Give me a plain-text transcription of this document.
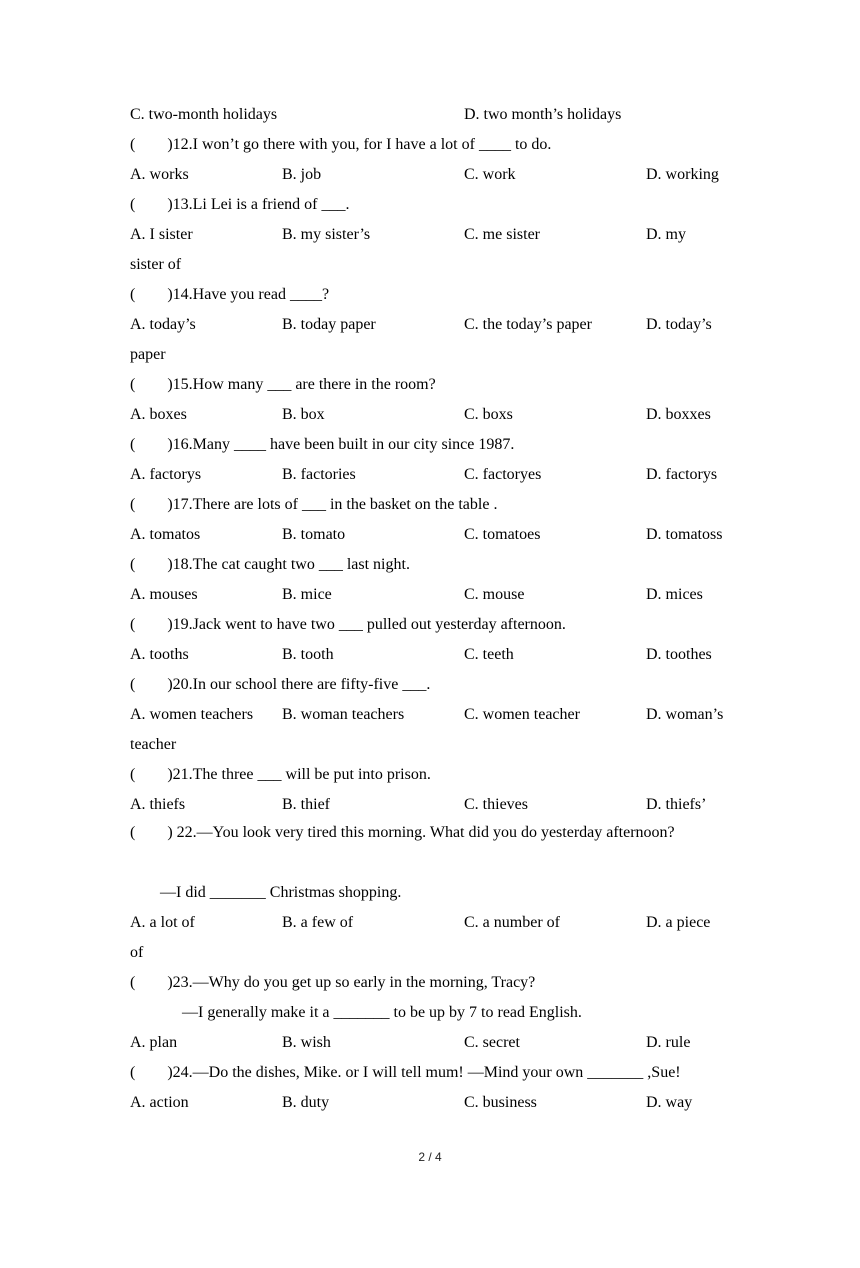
C. two-month holidays

	D. two month’s holidays

(  )12.I won’t go there with you, for I have a lot of ____ to do.

A. works

	B. job

	C. work

	D. working

(  )13.Li Lei is a friend of ___.

A. I sister

	B. my sister’s

	C. me sister

	D. my

sister of
(  )14.Have you read ____?

A. today’s

	B. today paper

	C. the today’s paper

	D. today’s

paper
(  )15.How many ___ are there in the room?

A. boxes

	B. box

	C. boxs

	D. boxxes

(  )16.Many ____ have been built in our city since 1987.

A. factorys

	B. factories

	C. factoryes

	D. factorys

(  )17.There are lots of ___ in the basket on the table .

A. tomatos

	B. tomato

	C. tomatoes

	D. tomatoss

(  )18.The cat caught two ___ last night.

A. mouses

	B. mice

	C. mouse

	D. mices

(  )19.Jack went to have two ___ pulled out yesterday afternoon.

A. tooths

	B. tooth

	C. teeth

	D. toothes

(  )20.In our school there are fifty-five ___.

A. women teachers

B. woman teachers

	C. women teacher

	D. woman’s

teacher
(  )21.The three ___ will be put into prison.

A. thiefs

	B. thief

	C. thieves

	D. thiefs’

(  ) 22.—You look very tired this morning. What did you do yesterday afternoon?
—I did _______ Christmas shopping.

A. a lot of

	B. a few of

	C. a number of

	D. a piece

of
(  )23.—Why do you get up so early in the morning, Tracy?
—I generally make it a _______ to be up by 7 to read English.

A. plan

	B. wish

	C. secret

	D. rule

(  )24.—Do the dishes, Mike. or I will tell mum! —Mind your own _______ ,Sue!

A. action

	B. duty

	C. business

	D. way

2 / 4
